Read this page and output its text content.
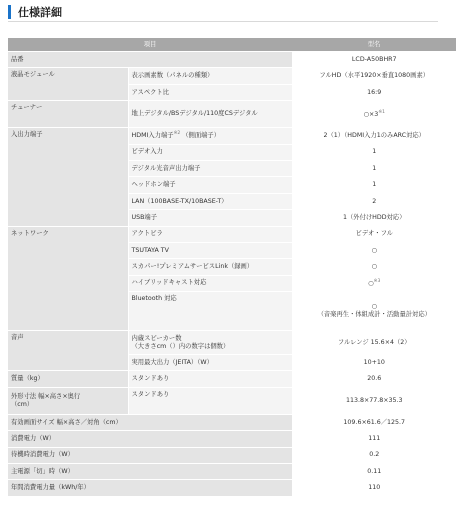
仕様詳細
項目		型名
品番		LCD-A50BHR7
液晶モジュール	表示画素数（パネルの種類）	フルHD（水平1920×垂直1080画素）
	アスペクト比	16:9
チューナー	地上デジタル/BSデジタル/110度CSデジタル	$○\times 3^{※1}$
入出力端子	HDMI入力端子$^{※2}$ （側面端子）	2（1）（HDMI入力1のみARC対応）
	ビデオ入力	1
	デジタル光音声出力端子	1
	ヘッドホン端子	1
	LAN（100BASE-TX/10BASE-T）	2
	USB端子	1（外付けHDD対応）
ネットワーク	アクトビラ	ビデオ・フル
	TSUTAYA TV	○
	スカパー!プレミアムサービスLink（録画）	○
	ハイブリッドキャスト対応	○$^{※3}$
	Bluetooth 対応	○
（音楽再生・体組成計・活動量計対応）

音声	内蔵スピーカー数
（大きさcm（）内の数字は個数）	フルレンジ 15.6×4（2）
	実用最大出力（JEITA）（W）	10+10
質量（kg）	スタンドあり	20.6

外形寸法 幅×高さ×奥行
（cm）	スタンドあり	113.8×77.8×35.3
有効画面サイズ 幅×高さ／対角（cm）		109.6×61.6／125.7
消費電力（W）		111
待機時消費電力（W）		0.2
主電源「切」時（W）		0.11
年間消費電力量（kWh/年）		110
